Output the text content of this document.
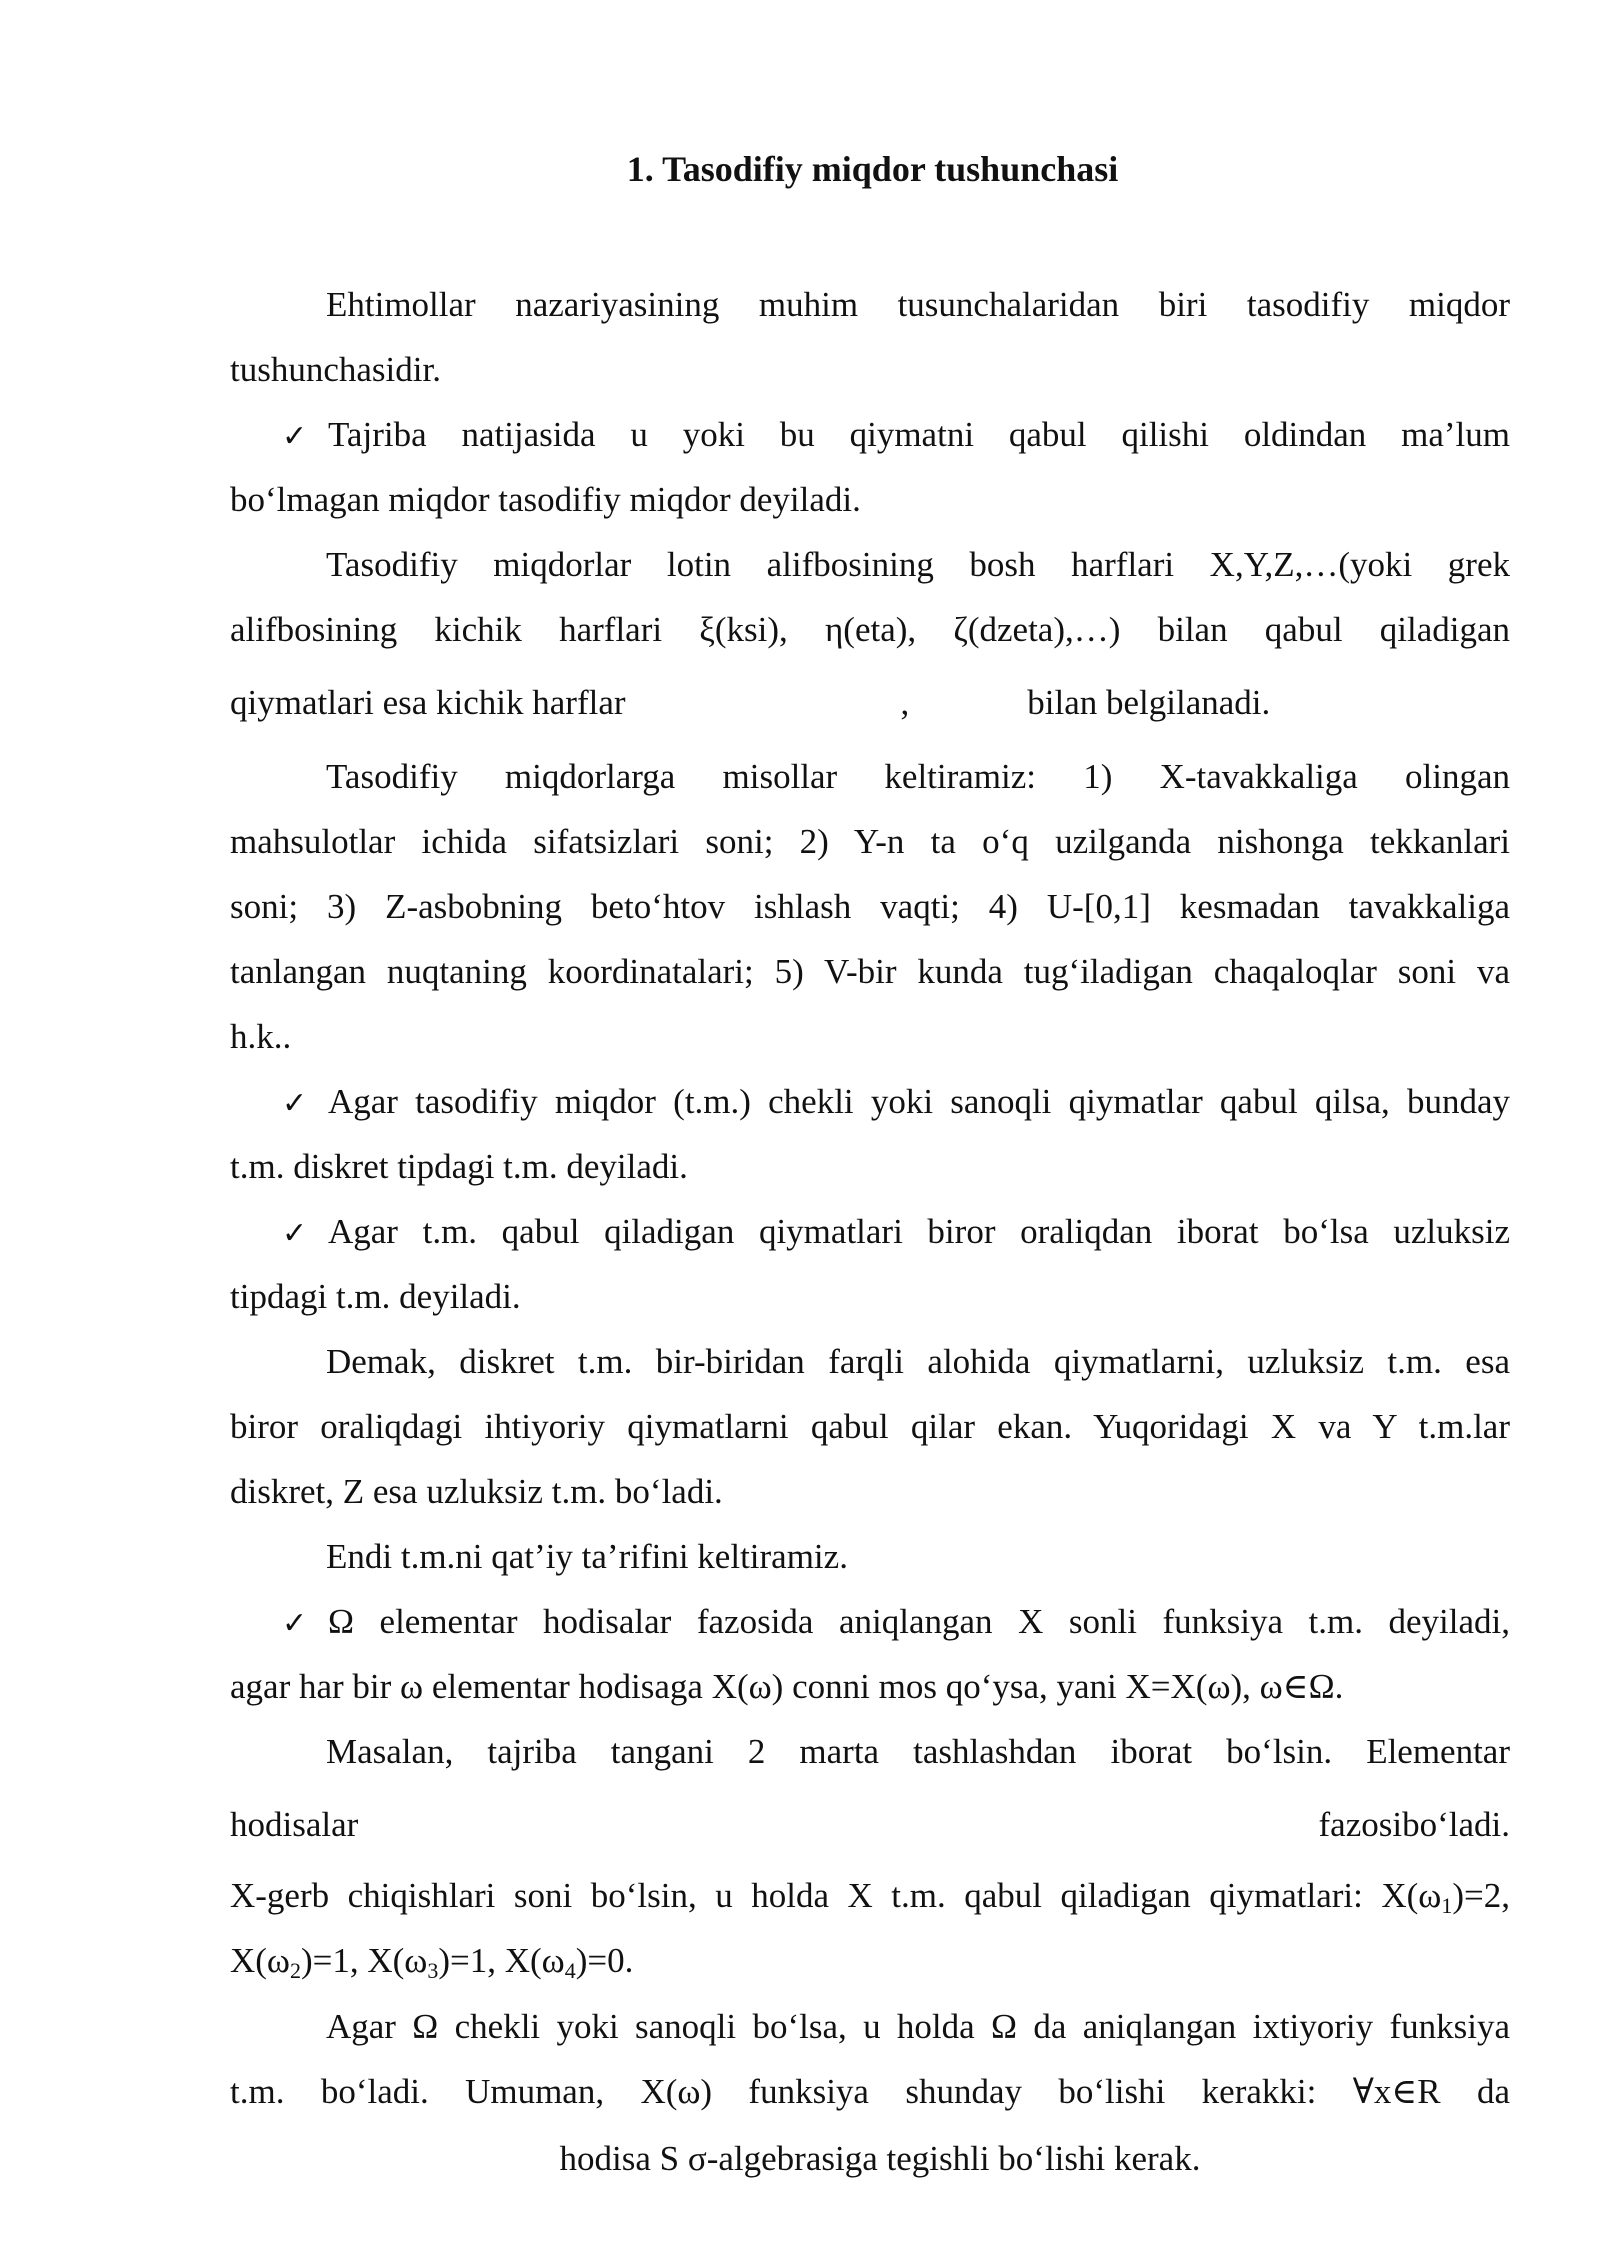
1. Tasodifiy miqdor tushunchasi
Ehtimollar nazariyasining muhim tusunchalaridan biri tasodifiy miqdor
tushunchasidir.
✓ Tajriba natijasida u yoki bu qiymatni qabul qilishi oldindan ma’lum
bo‘lmagan miqdor tasodifiy miqdor deyiladi.
Tasodifiy miqdorlar lotin alifbosining bosh harflari X,Y,Z,…(yoki grek
alifbosining kichik harflari ξ(ksi), η(eta), ζ(dzeta),…) bilan qabul qiladigan
qiymatlari esa kichik harflar	,	bilan belgilanadi.
Tasodifiy miqdorlarga misollar keltiramiz: 1) X-tavakkaliga olingan
mahsulotlar ichida sifatsizlari soni; 2) Y-n ta o‘q uzilganda nishonga tekkanlari
soni; 3) Z-asbobning beto‘htov ishlash vaqti; 4) U-[0,1] kesmadan tavakkaliga
tanlangan nuqtaning koordinatalari; 5) V-bir kunda tug‘iladigan chaqaloqlar soni va
h.k..
✓ Agar tasodifiy miqdor (t.m.) chekli yoki sanoqli qiymatlar qabul qilsa, bunday
t.m. diskret tipdagi t.m. deyiladi.
✓ Agar t.m. qabul qiladigan qiymatlari biror oraliqdan iborat bo‘lsa uzluksiz
tipdagi t.m. deyiladi.
Demak, diskret t.m. bir-biridan farqli alohida qiymatlarni, uzluksiz t.m. esa
biror oraliqdagi ihtiyoriy qiymatlarni qabul qilar ekan. Yuqoridagi X va Y t.m.lar
diskret, Z esa uzluksiz t.m. bo‘ladi.
Endi t.m.ni qat’iy ta’rifini keltiramiz.
✓ Ω elementar hodisalar fazosida aniqlangan X sonli funksiya t.m. deyiladi,
agar har bir ω elementar hodisaga X(ω) conni mos qo‘ysa, yani X=X(ω), ω∈Ω.
Masalan, tajriba tangani 2 marta tashlashdan iborat bo‘lsin. Elementar
hodisalar fazosibo‘ladi.
X-gerb chiqishlari soni bo‘lsin, u holda X t.m. qabul qiladigan qiymatlari: $X(\omega_1)=2$,
$X(\omega_2)=1$, $X(\omega_3)=1$, $X(\omega_4)=0$.
Agar Ω chekli yoki sanoqli bo‘lsa, u holda Ω da aniqlangan ixtiyoriy funksiya
t.m. bo‘ladi. Umuman, X(ω) funksiya shunday bo‘lishi kerakki: ∀x∈R da
hodisa S σ-algebrasiga tegishli bo‘lishi kerak.
